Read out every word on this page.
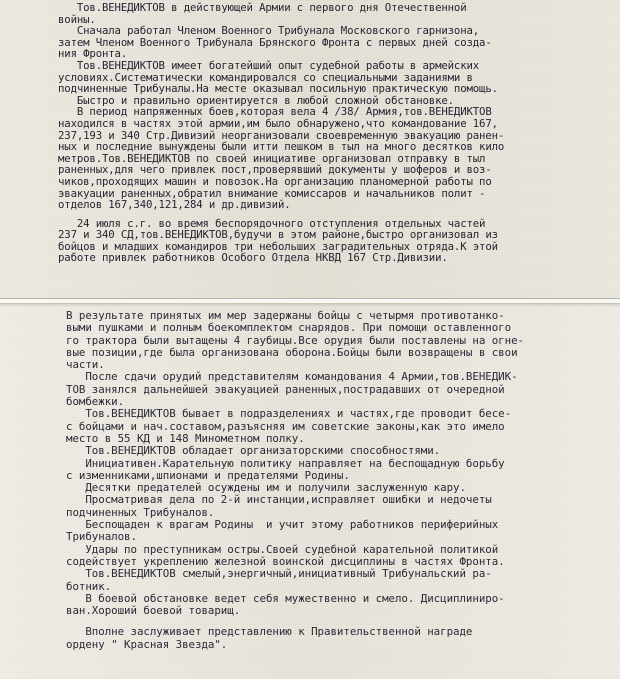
Тов.ВЕНЕДИКТОВ в действующей Армии с первого дня Отечественной
войны.
Сначала работал Членом Военного Трибунала Московского гарнизона,
затем Членом Военного Трибунала Брянского Фронта с первых дней созда-
ния Фронта.
Тов.ВЕНЕДИКТОВ имеет богатейший опыт судебной работы в армейских
условиях.Систематически командировался со специальными заданиями в
подчиненные Трибуналы.На месте оказывал посильную практическую помощь.
Быстро и правильно ориентируется в любой сложной обстановке.
В период напряженных боев,которая вела 4 /38/ Армия,тов.ВЕНЕДИКТОВ
находился в частях этой армии,им было обнаружено,что командование 167,
237,193 и 340 Стр.Дивизий неорганизовали своевременную эвакуацию ранен-
ных и последние вынуждены были итти пешком в тыл на много десятков кило
метров.Тов.ВЕНЕДИКТОВ по своей инициативе организовал отправку в тыл
раненных,для чего привлек пост,проверявший документы у шоферов и воз-
чиков,проходящих машин и повозок.На организацию планомерной работы по
эвакуации раненных,обратил внимание комиссаров и начальников полит -
отделов 167,340,121,284 и др.дивизий.
24 июля с.г. во время беспорядочного отступления отдельных частей
237 и 340 СД,тов.ВЕНЕДИКТОВ,будучи в этом районе,быстро организовал из
бойцов и младших командиров три небольших заградительных отряда.К этой
работе привлек работников Особого Отдела НКВД 167 Стр.Дивизии.
В результате принятых им мер задержаны бойцы с четырмя противотанко-
выми пушками и полным боекомплектом снарядов. При помощи оставленного
го трактора были вытащены 4 гаубицы.Все орудия были поставлены на огне-
вые позиции,где была организована оборона.Бойцы были возвращены в свои
части.
После сдачи орудий представителям командования 4 Армии,тов.ВЕНЕДИК-
ТОВ занялся дальнейшей эвакуацией раненных,пострадавших от очередной
бомбежки.
Тов.ВЕНЕДИКТОВ бывает в подразделениях и частях,где проводит бесе-
с бойцами и нач.составом,разъясняя им советские законы,как это имело
место в 55 КД и 148 Минометном полку.
Тов.ВЕНЕДИКТОВ обладает организаторскими способностями.
Инициативен.Карательную политику направляет на беспощадную борьбу
с изменниками,шпионами и предателями Родины.
Десятки предателей осуждены им и получили заслуженную кару.
Просматривая дела по 2-й инстанции,исправляет ошибки и недочеты
подчиненных Трибуналов.
Беспощаден к врагам Родины  и учит этому работников периферийных
Трибуналов.
Удары по преступникам остры.Своей судебной карательной политикой
содействует укреплению железной воинской дисциплины в частях Фронта.
Тов.ВЕНЕДИКТОВ смелый,энергичный,инициативный Трибунальский ра-
ботник.
В боевой обстановке ведет себя мужественно и смело. Дисциплиниро-
ван.Хороший боевой товарищ.
Вполне заслуживает представлению к Правительственной награде
ордену " Красная Звезда".
